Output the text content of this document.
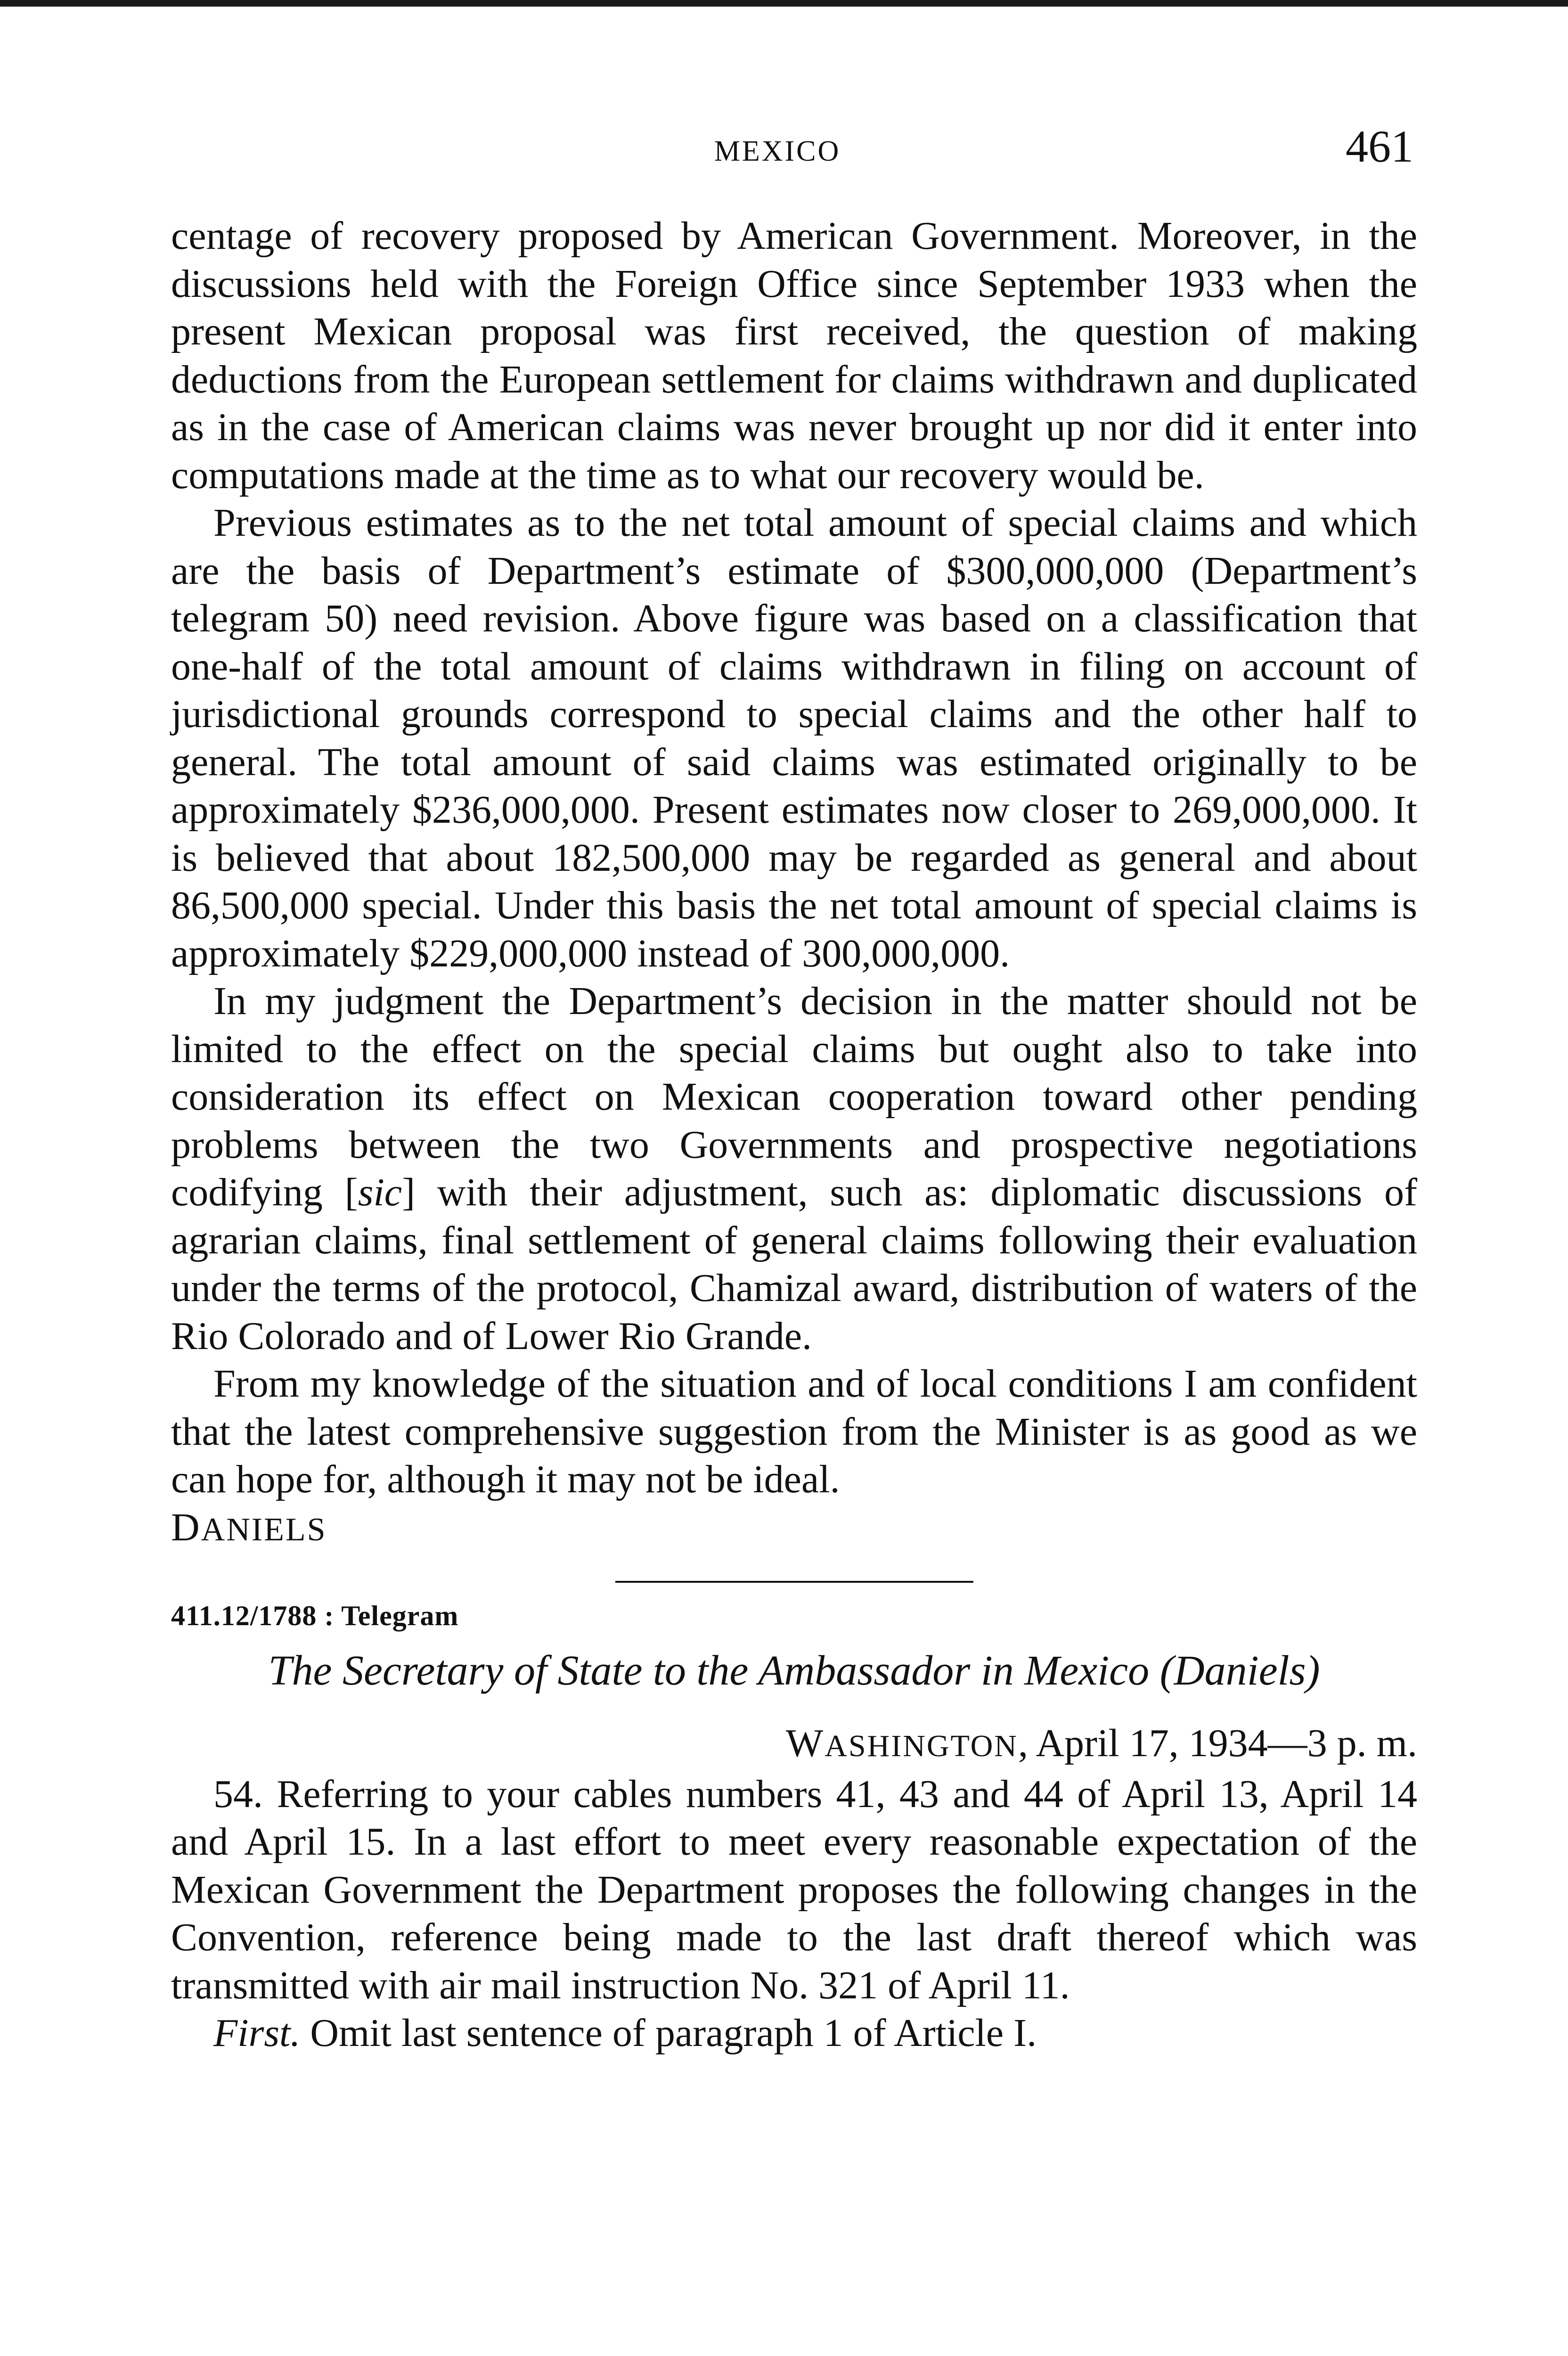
MEXICO	461

centage of recovery proposed by American Government. Moreover, in the discussions held with the Foreign Office since September 1933 when the present Mexican proposal was first received, the question of making deductions from the European settlement for claims withdrawn and duplicated as in the case of American claims was never brought up nor did it enter into computations made at the time as to what our recovery would be.

Previous estimates as to the net total amount of special claims and which are the basis of Department’s estimate of $300,000,000 (Department’s telegram 50) need revision. Above figure was based on a classification that one-half of the total amount of claims withdrawn in filing on account of jurisdictional grounds correspond to special claims and the other half to general. The total amount of said claims was estimated originally to be approximately $236,000,000. Present estimates now closer to 269,000,000. It is believed that about 182,500,000 may be regarded as general and about 86,500,000 special. Under this basis the net total amount of special claims is approximately $229,000,000 instead of 300,000,000.

In my judgment the Department’s decision in the matter should not be limited to the effect on the special claims but ought also to take into consideration its effect on Mexican cooperation toward other pending problems between the two Governments and prospective negotiations codifying [sic] with their adjustment, such as: diplomatic discussions of agrarian claims, final settlement of general claims following their evaluation under the terms of the protocol, Chamizal award, distribution of waters of the Rio Colorado and of Lower Rio Grande.

From my knowledge of the situation and of local conditions I am confident that the latest comprehensive suggestion from the Minister is as good as we can hope for, although it may not be ideal.

DANIELS

411.12/1788 : Telegram
The Secretary of State to the Ambassador in Mexico (Daniels)
WASHINGTON, April 17, 1934—3 p. m.

54. Referring to your cables numbers 41, 43 and 44 of April 13, April 14 and April 15. In a last effort to meet every reasonable expectation of the Mexican Government the Department proposes the following changes in the Convention, reference being made to the last draft thereof which was transmitted with air mail instruction No. 321 of April 11.

First. Omit last sentence of paragraph 1 of Article I.
